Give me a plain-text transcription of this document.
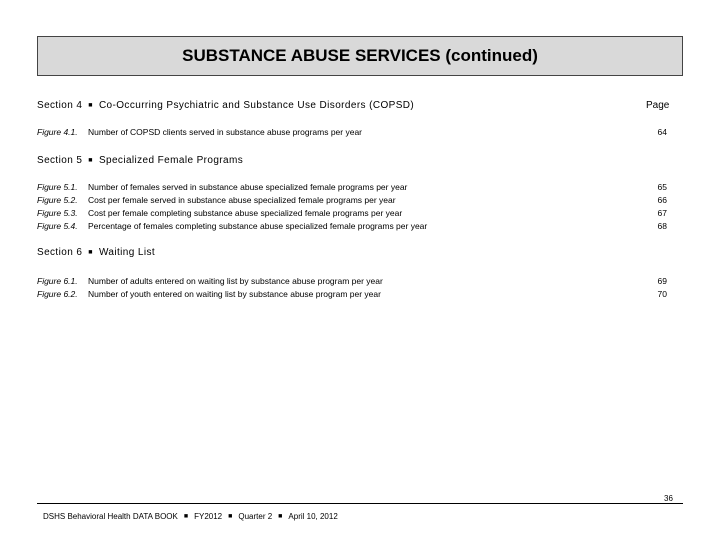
SUBSTANCE ABUSE SERVICES (continued)
Page
Section 4 ■ Co-Occurring Psychiatric and Substance Use Disorders (COPSD)
Figure 4.1.	Number of COPSD clients served in substance abuse programs per year	64
Section 5 ■ Specialized Female Programs
Figure 5.1.	Number of females served in substance abuse specialized female programs per year	65
Figure 5.2.	Cost per female served in substance abuse specialized female programs per year	66
Figure 5.3.	Cost per female completing substance abuse specialized female programs per year	67
Figure 5.4.	Percentage of females completing substance abuse specialized female programs per year	68
Section 6 ■ Waiting List
Figure 6.1.	Number of adults entered on waiting list by substance abuse program per year	69
Figure 6.2.	Number of youth entered on waiting list by substance abuse program per year	70
36
DSHS Behavioral Health DATA BOOK ■ FY2012 ■ Quarter 2 ■ April 10, 2012
